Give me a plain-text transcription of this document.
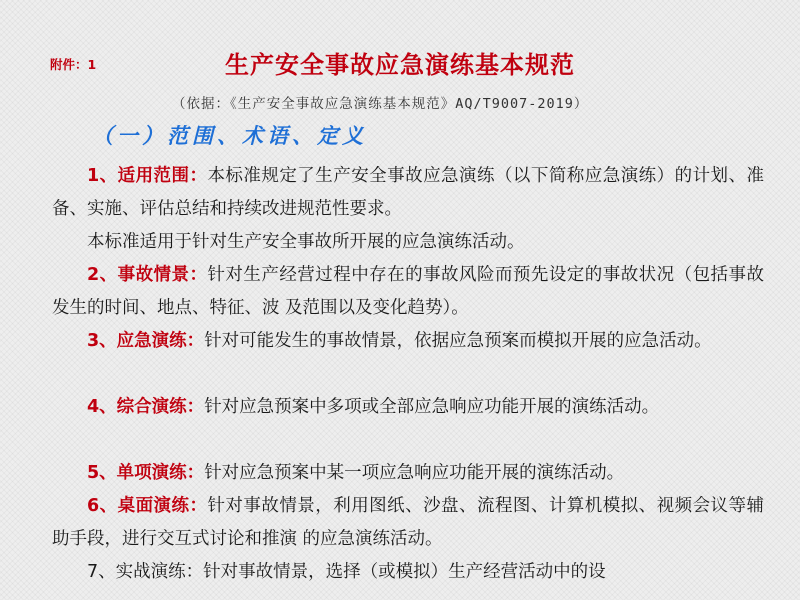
附件：1	生产安全事故应急演练基本规范
（依据：《生产安全事故应急演练基本规范》AQ/T9007-2019）
（一）范围、术语、定义
1、适用范围：本标准规定了生产安全事故应急演练（以下简称应急演练）的计划、准备、实施、评估总结和持续改进规范性要求。
本标准适用于针对生产安全事故所开展的应急演练活动。
2、事故情景：针对生产经营过程中存在的事故风险而预先设定的事故状况（包括事故发生的时间、地点、特征、波 及范围以及变化趋势）。
3、应急演练：针对可能发生的事故情景，依据应急预案而模拟开展的应急活动。
4、综合演练：针对应急预案中多项或全部应急响应功能开展的演练活动。
5、单项演练：针对应急预案中某一项应急响应功能开展的演练活动。
6、桌面演练：针对事故情景，利用图纸、沙盘、流程图、计算机模拟、视频会议等辅助手段，进行交互式讨论和推演 的应急演练活动。
7、实战演练：针对事故情景，选择（或模拟）生产经营活动中的设
